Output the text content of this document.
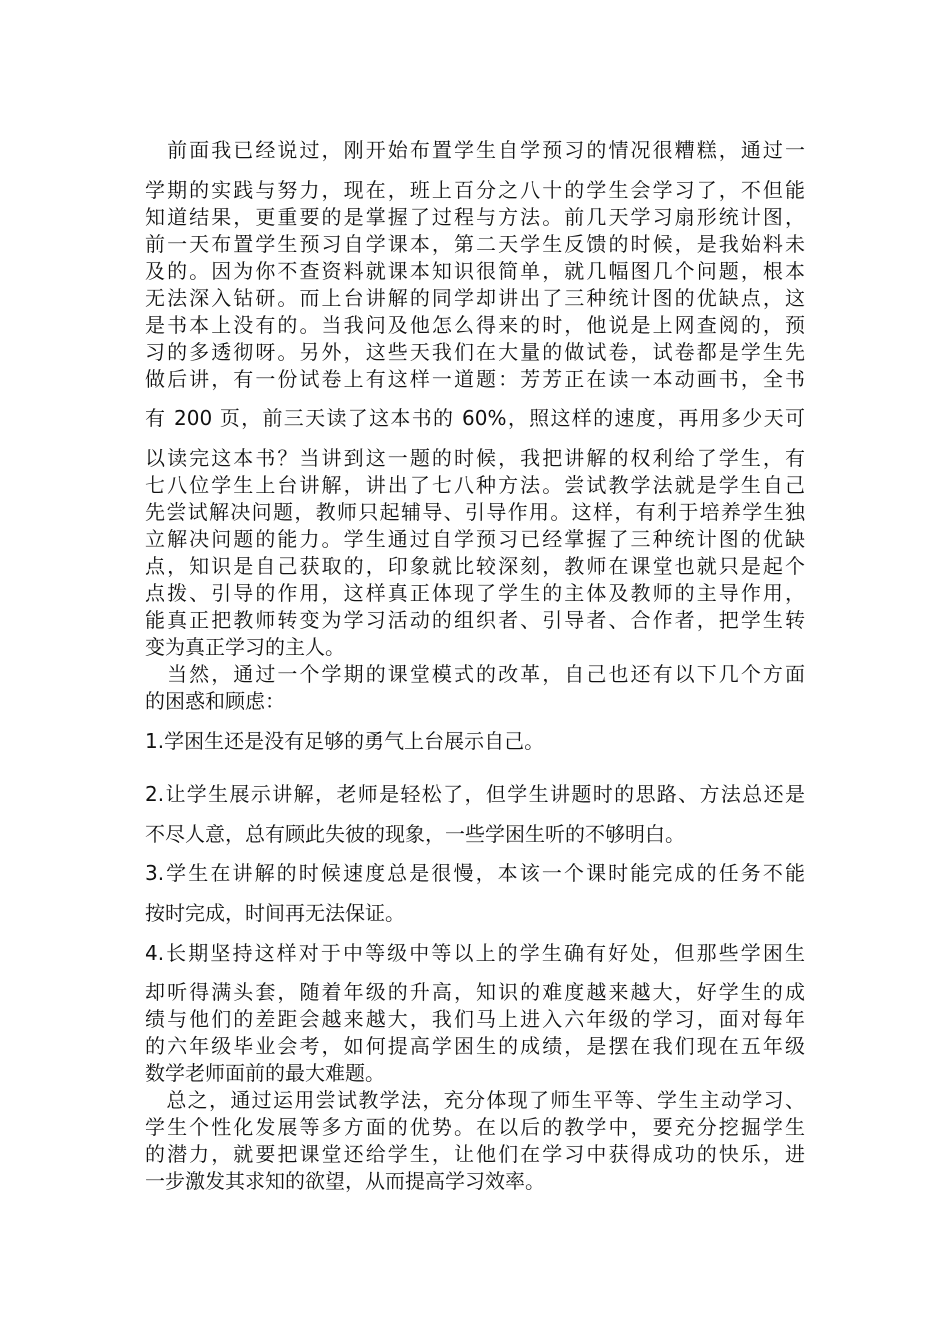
　前面我已经说过，刚开始布置学生自学预习的情况很糟糕，通过一

学期的实践与努力，现在，班上百分之八十的学生会学习了，不但能

知道结果，更重要的是掌握了过程与方法。前几天学习扇形统计图，

前一天布置学生预习自学课本，第二天学生反馈的时候，是我始料未

及的。因为你不查资料就课本知识很简单，就几幅图几个问题，根本

无法深入钻研。而上台讲解的同学却讲出了三种统计图的优缺点，这

是书本上没有的。当我问及他怎么得来的时，他说是上网查阅的，预

习的多透彻呀。另外，这些天我们在大量的做试卷，试卷都是学生先

做后讲，有一份试卷上有这样一道题：芳芳正在读一本动画书，全书

有 200 页，前三天读了这本书的 60%，照这样的速度，再用多少天可

以读完这本书？当讲到这一题的时候，我把讲解的权利给了学生，有

七八位学生上台讲解，讲出了七八种方法。尝试教学法就是学生自己

先尝试解决问题，教师只起辅导、引导作用。这样，有利于培养学生独

立解决问题的能力。学生通过自学预习已经掌握了三种统计图的优缺

点，知识是自己获取的，印象就比较深刻，教师在课堂也就只是起个

点拨、引导的作用，这样真正体现了学生的主体及教师的主导作用，

能真正把教师转变为学习活动的组织者、引导者、合作者，把学生转

变为真正学习的主人。

　当然，通过一个学期的课堂模式的改革，自己也还有以下几个方面

的困惑和顾虑：

1.学困生还是没有足够的勇气上台展示自己。

2.让学生展示讲解，老师是轻松了，但学生讲题时的思路、方法总还是

不尽人意，总有顾此失彼的现象，一些学困生听的不够明白。

3.学生在讲解的时候速度总是很慢，本该一个课时能完成的任务不能

按时完成，时间再无法保证。

4.长期坚持这样对于中等级中等以上的学生确有好处，但那些学困生

却听得满头套，随着年级的升高，知识的难度越来越大，好学生的成

绩与他们的差距会越来越大，我们马上进入六年级的学习，面对每年

的六年级毕业会考，如何提高学困生的成绩，是摆在我们现在五年级

数学老师面前的最大难题。

　总之，通过运用尝试教学法，充分体现了师生平等、学生主动学习、

学生个性化发展等多方面的优势。在以后的教学中，要充分挖掘学生

的潜力，就要把课堂还给学生，让他们在学习中获得成功的快乐，进

一步激发其求知的欲望，从而提高学习效率。
